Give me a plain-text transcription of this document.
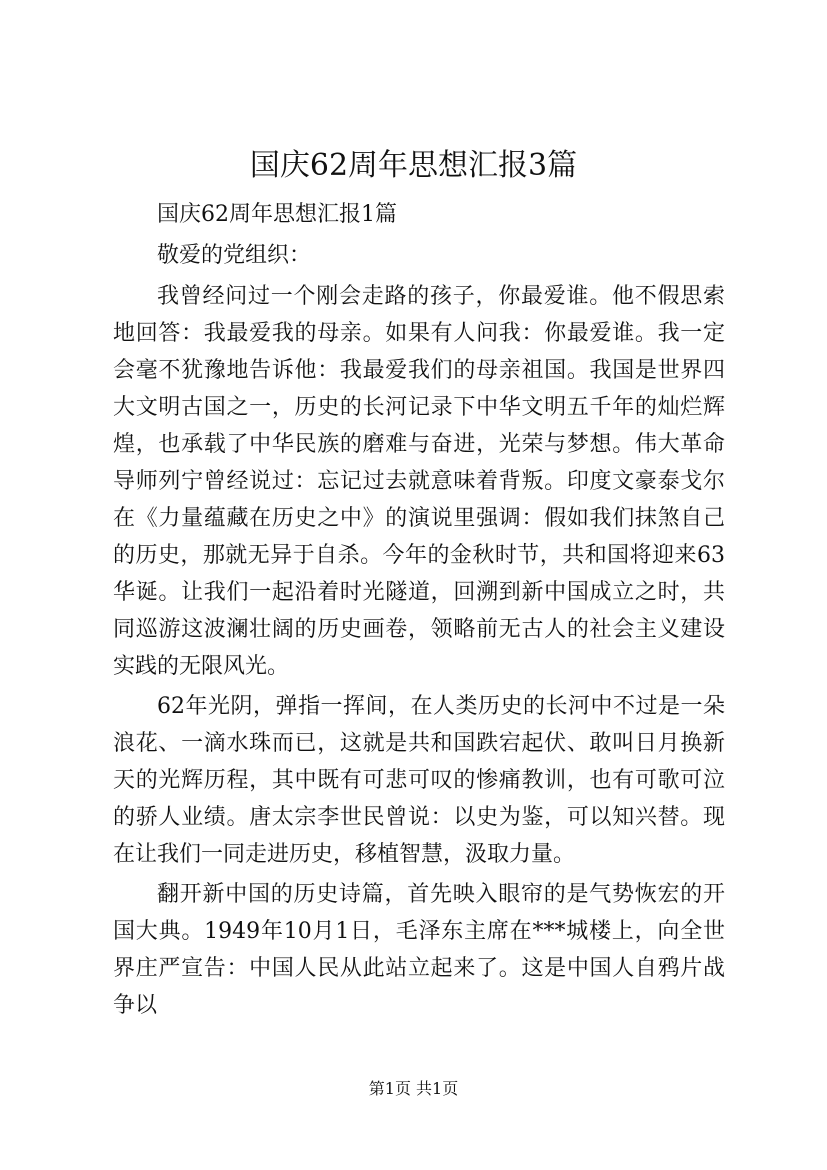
国庆62周年思想汇报3篇

国庆62周年思想汇报1篇

敬爱的党组织：

我曾经问过一个刚会走路的孩子，你最爱谁。他不假思索地回答：我最爱我的母亲。如果有人问我：你最爱谁。我一定会毫不犹豫地告诉他：我最爱我们的母亲祖国。我国是世界四大文明古国之一，历史的长河记录下中华文明五千年的灿烂辉煌，也承载了中华民族的磨难与奋进，光荣与梦想。伟大革命导师列宁曾经说过：忘记过去就意味着背叛。印度文豪泰戈尔在《力量蕴藏在历史之中》的演说里强调：假如我们抹煞自己的历史，那就无异于自杀。今年的金秋时节，共和国将迎来63华诞。让我们一起沿着时光隧道，回溯到新中国成立之时，共同巡游这波澜壮阔的历史画卷，领略前无古人的社会主义建设实践的无限风光。

62年光阴，弹指一挥间，在人类历史的长河中不过是一朵浪花、一滴水珠而已，这就是共和国跌宕起伏、敢叫日月换新天的光辉历程，其中既有可悲可叹的惨痛教训，也有可歌可泣的骄人业绩。唐太宗李世民曾说：以史为鉴，可以知兴替。现在让我们一同走进历史，移植智慧，汲取力量。

翻开新中国的历史诗篇，首先映入眼帘的是气势恢宏的开国大典。1949年10月1日，毛泽东主席在***城楼上，向全世界庄严宣告：中国人民从此站立起来了。这是中国人自鸦片战争以

第1页 共1页
